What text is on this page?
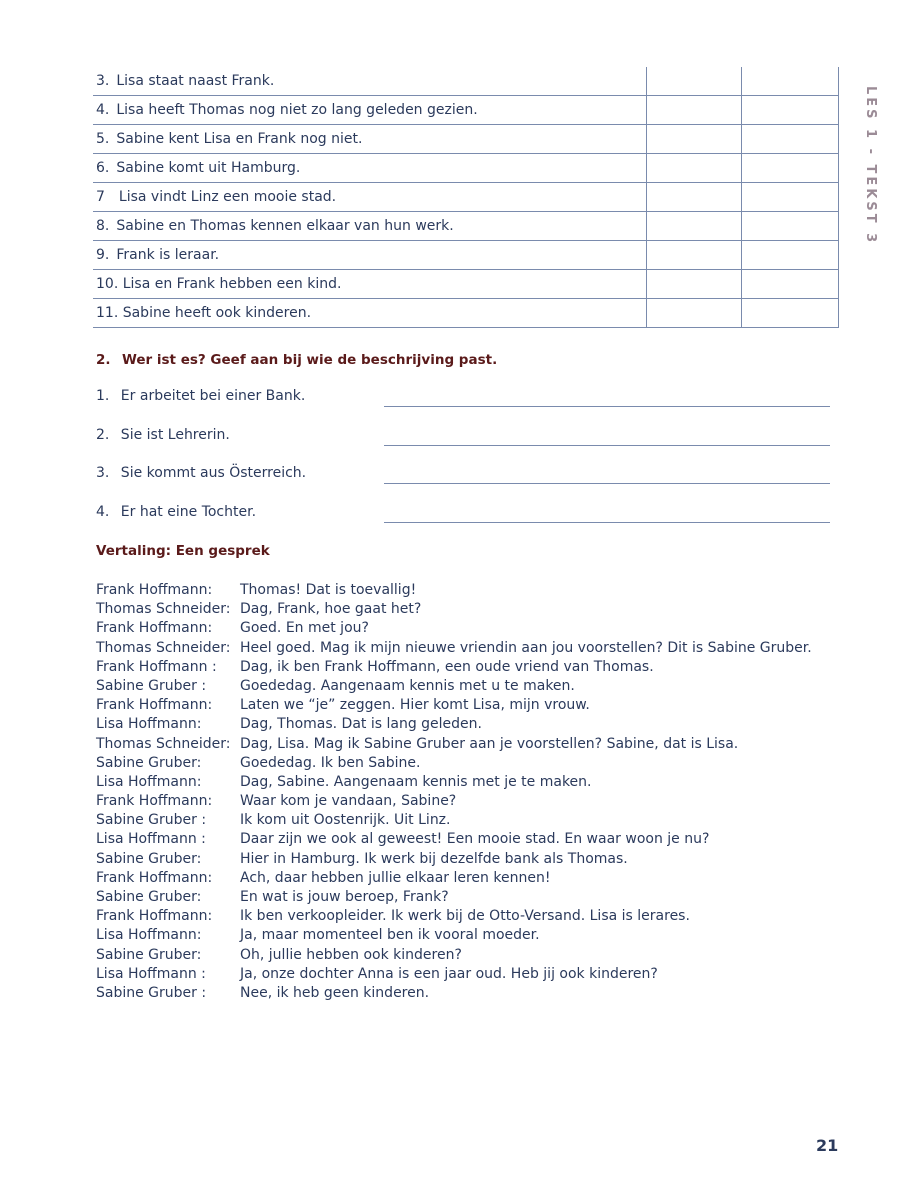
3. Lisa staat naast Frank.
4. Lisa heeft Thomas nog niet zo lang geleden gezien.
5. Sabine kent Lisa en Frank nog niet.
6. Sabine komt uit Hamburg.
7  Lisa vindt Linz een mooie stad.
8. Sabine en Thomas kennen elkaar van hun werk.
9. Frank is leraar.
10. Lisa en Frank hebben een kind.
11. Sabine heeft ook kinderen.
LES 1 - TEKST 3
2.  Wer ist es? Geef aan bij wie de beschrijving past.
1.  Er arbeitet bei einer Bank.
2.  Sie ist Lehrerin.
3.  Sie kommt aus Österreich.
4.  Er hat eine Tochter.
Vertaling: Een gesprek
Frank Hoffmann:	Thomas! Dat is toevallig!
Thomas Schneider: Dag, Frank, hoe gaat het?
Frank Hoffmann:	Goed. En met jou?
Thomas Schneider: Heel goed. Mag ik mijn nieuwe vriendin aan jou voorstellen? Dit is Sabine Gruber.
Frank Hoffmann :	Dag, ik ben Frank Hoffmann, een oude vriend van Thomas.
Sabine Gruber :	Goededag. Aangenaam kennis met u te maken.
Frank Hoffmann:	Laten we “je” zeggen. Hier komt Lisa, mijn vrouw.
Lisa Hoffmann:	Dag, Thomas. Dat is lang geleden.
Thomas Schneider: Dag, Lisa. Mag ik Sabine Gruber aan je voorstellen? Sabine, dat is Lisa.
Sabine Gruber:	Goededag. Ik ben Sabine.
Lisa Hoffmann:	Dag, Sabine. Aangenaam kennis met je te maken.
Frank Hoffmann:	Waar kom je vandaan, Sabine?
Sabine Gruber :	Ik kom uit Oostenrijk. Uit Linz.
Lisa Hoffmann :	Daar zijn we ook al geweest! Een mooie stad. En waar woon je nu?
Sabine Gruber:	Hier in Hamburg. Ik werk bij dezelfde bank als Thomas.
Frank Hoffmann:	Ach, daar hebben jullie elkaar leren kennen!
Sabine Gruber:	En wat is jouw beroep, Frank?
Frank Hoffmann:	Ik ben verkoopleider. Ik werk bij de Otto-Versand. Lisa is lerares.
Lisa Hoffmann:	Ja, maar momenteel ben ik vooral moeder.
Sabine Gruber:	Oh, jullie hebben ook kinderen?
Lisa Hoffmann :	Ja, onze dochter Anna is een jaar oud. Heb jij ook kinderen?
Sabine Gruber :	Nee, ik heb geen kinderen.
21
